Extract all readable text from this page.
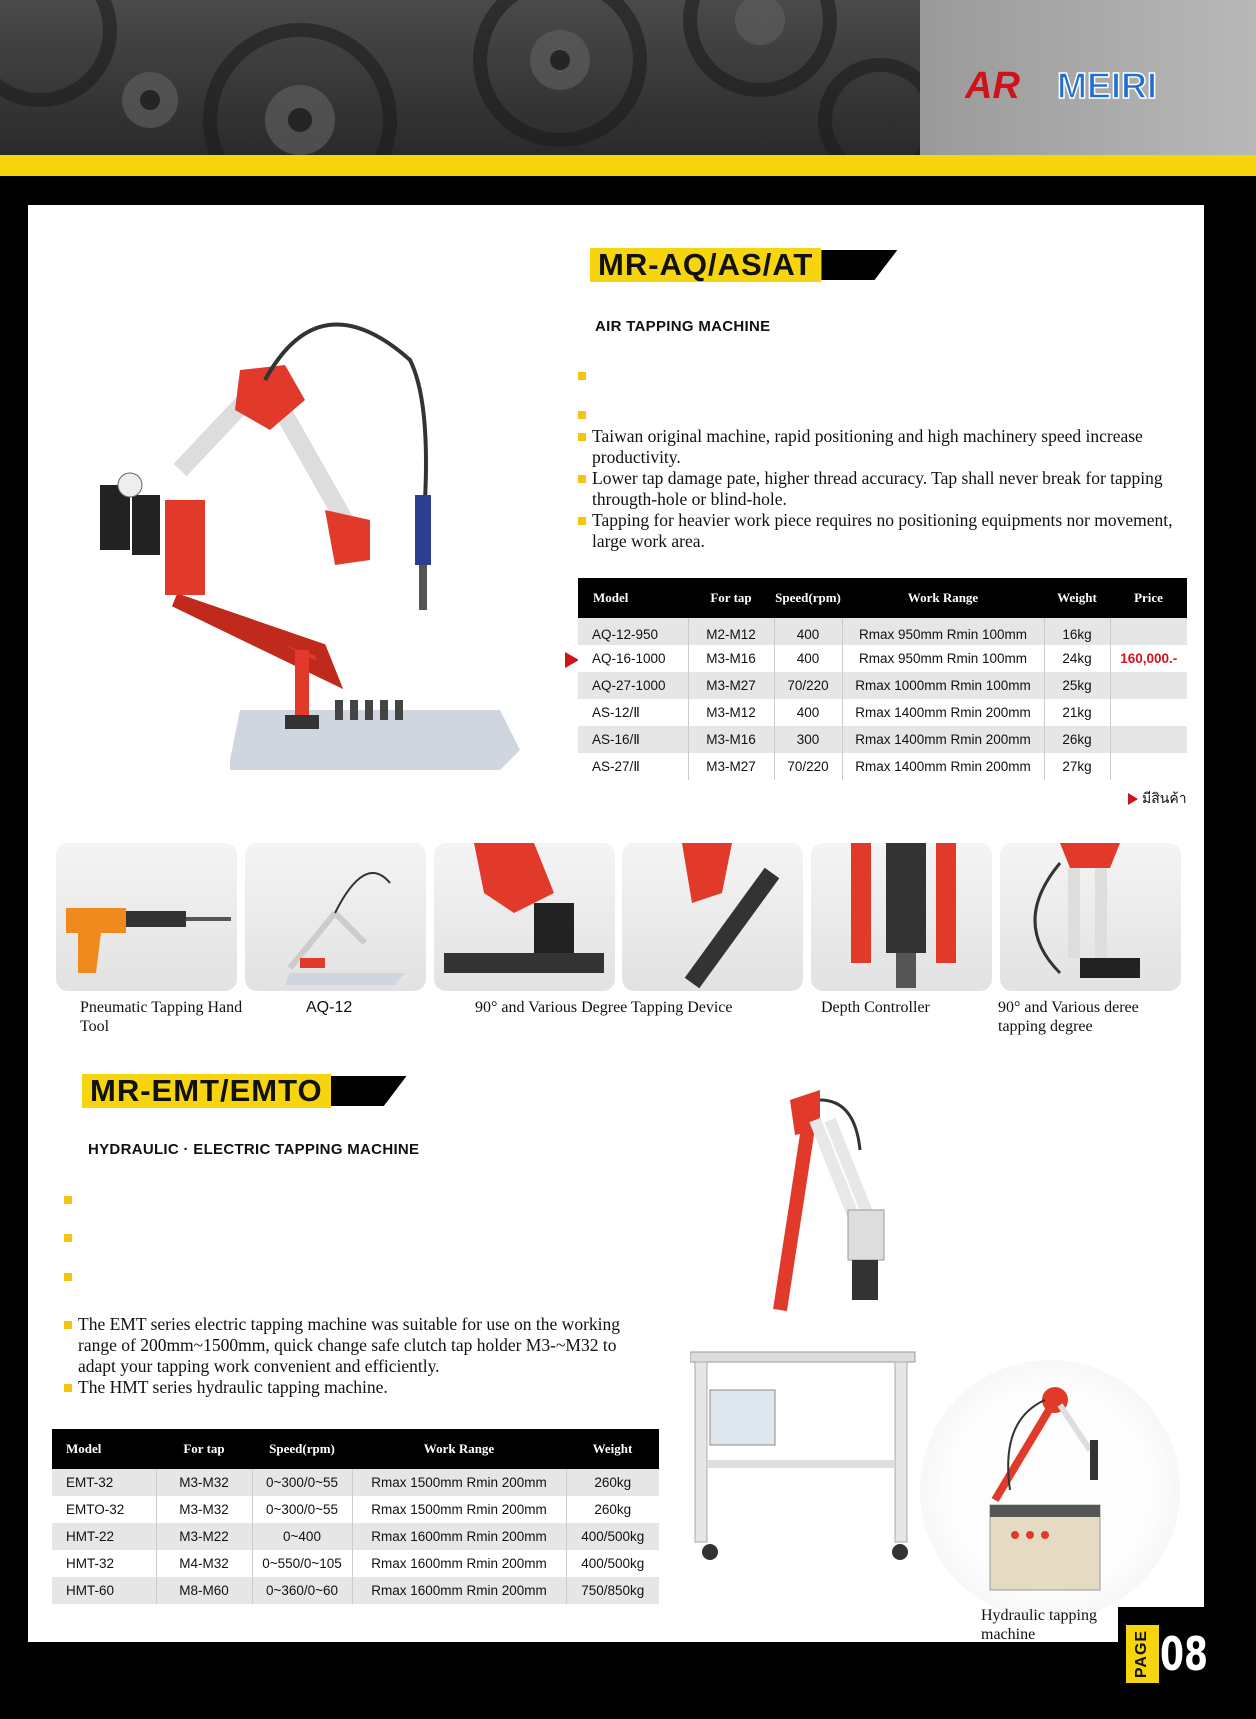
AR MEIRI
MR-AQ/AS/AT
AIR TAPPING MACHINE
Taiwan original machine, rapid positioning and high machinery speed increase productivity.
Lower tap damage pate, higher thread accuracy. Tap shall never break for tapping througth-hole or blind-hole.
Tapping for heavier work piece requires no positioning equipments nor movement, large work area.
Model	For tap	Speed(rpm)	Work Range	Weight	Price
AQ-12-950	M2-M12	400	Rmax 950mm Rmin 100mm	16kg	
AQ-16-1000	M3-M16	400	Rmax 950mm Rmin 100mm	24kg	160,000.-
AQ-27-1000	M3-M27	70/220	Rmax 1000mm Rmin 100mm	25kg	
AS-12/Ⅱ	M3-M12	400	Rmax 1400mm Rmin 200mm	21kg	
AS-16/Ⅱ	M3-M16	300	Rmax 1400mm Rmin 200mm	26kg	
AS-27/Ⅱ	M3-M27	70/220	Rmax 1400mm Rmin 200mm	27kg	
มีสินค้า
Pneumatic Tapping Hand Tool
AQ-12	90° and Various Degree Tapping Device	Depth Controller	90° and Various deree tapping degree
MR-EMT/EMTO
HYDRAULIC · ELECTRIC TAPPING MACHINE
The EMT series electric tapping machine was suitable for use on the working range of 200mm~1500mm, quick change safe clutch tap holder M3-~M32 to adapt your tapping work convenient and efficiently.
The HMT series hydraulic tapping machine.
Model	For tap	Speed(rpm)	Work Range	Weight
EMT-32	M3-M32	0~300/0~55	Rmax 1500mm Rmin 200mm	260kg
EMTO-32	M3-M32	0~300/0~55	Rmax 1500mm Rmin 200mm	260kg
HMT-22	M3-M22	0~400	Rmax 1600mm Rmin 200mm	400/500kg
HMT-32	M4-M32	0~550/0~105	Rmax 1600mm Rmin 200mm	400/500kg
HMT-60	M8-M60	0~360/0~60	Rmax 1600mm Rmin 200mm	750/850kg
Hydraulic tapping machine	PAGE 08
